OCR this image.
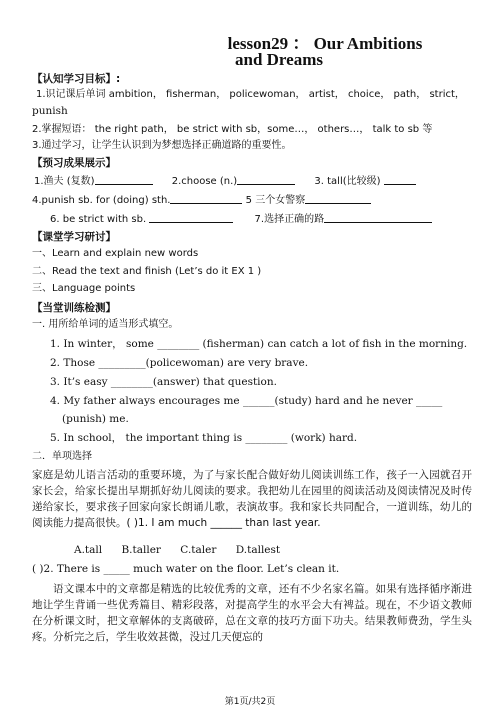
lesson29 ： Our Ambitions
and Dreams
【认知学习目标】:
1.识记课后单词 ambition， fisherman， policewoman， artist， choice， path， strict，
punish
2.掌握短语： the right path， be strict with sb，some…， others…， talk to sb 等
3.通过学习，让学生认识到为梦想选择正确道路的重要性。
【预习成果展示】
1.渔夫 (复数)	2.choose (n.)	3. tall(比较级)
4.punish sb. for (doing) sth.	5 三个女警察
6. be strict with sb.	7.选择正确的路
【课堂学习研讨】
一、Learn and explain new words
二、Read the text and finish (Let’s do it EX 1 )
三、Language points
【当堂训练检测】
一. 用所给单词的适当形式填空。
1. In winter， some ________ (fisherman) can catch a lot of fish in the morning.
2. Those _________(policewoman) are very brave.
3. It’s easy ________(answer) that question.
4. My father always encourages me ______(study) hard and he never _____
(punish) me.
5. In school， the important thing is ________ (work) hard.
二．单项选择
家庭是幼儿语言活动的重要环境，为了与家长配合做好幼儿阅读训练工作，孩子一入园就召开家长会，给家长提出早期抓好幼儿阅读的要求。我把幼儿在园里的阅读活动及阅读情况及时传递给家长，要求孩子回家向家长朗诵儿歌，表演故事。我和家长共同配合，一道训练，幼儿的阅读能力提高很快。( )1. I am much ______ than last year.
A.tall B.taller C.taler D.tallest
( )2. There is _____ much water on the floor. Let’s clean it.
语文课本中的文章都是精选的比较优秀的文章，还有不少名家名篇。如果有选择循序渐进地让学生背诵一些优秀篇目、精彩段落，对提高学生的水平会大有裨益。现在，不少语文教师在分析课文时，把文章解体的支离破碎，总在文章的技巧方面下功夫。结果教师费劲，学生头疼。分析完之后，学生收效甚微，没过几天便忘的
第1页/共2页
